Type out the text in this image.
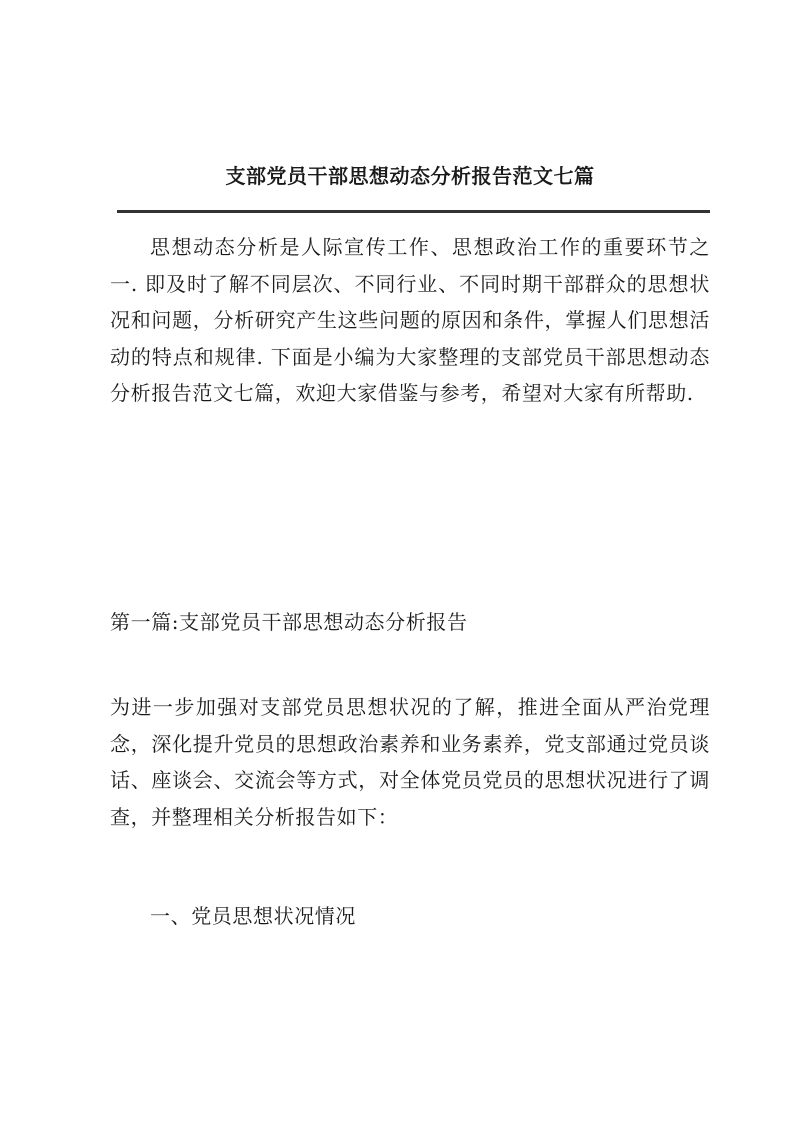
支部党员干部思想动态分析报告范文七篇

思想动态分析是人际宣传工作、思想政治工作的重要环节之一. 即及时了解不同层次、不同行业、不同时期干部群众的思想状况和问题，分析研究产生这些问题的原因和条件，掌握人们思想活动的特点和规律. 下面是小编为大家整理的支部党员干部思想动态分析报告范文七篇，欢迎大家借鉴与参考，希望对大家有所帮助.

第一篇:支部党员干部思想动态分析报告

为进一步加强对支部党员思想状况的了解，推进全面从严治党理念，深化提升党员的思想政治素养和业务素养，党支部通过党员谈话、座谈会、交流会等方式，对全体党员党员的思想状况进行了调查，并整理相关分析报告如下：

一、党员思想状况情况
